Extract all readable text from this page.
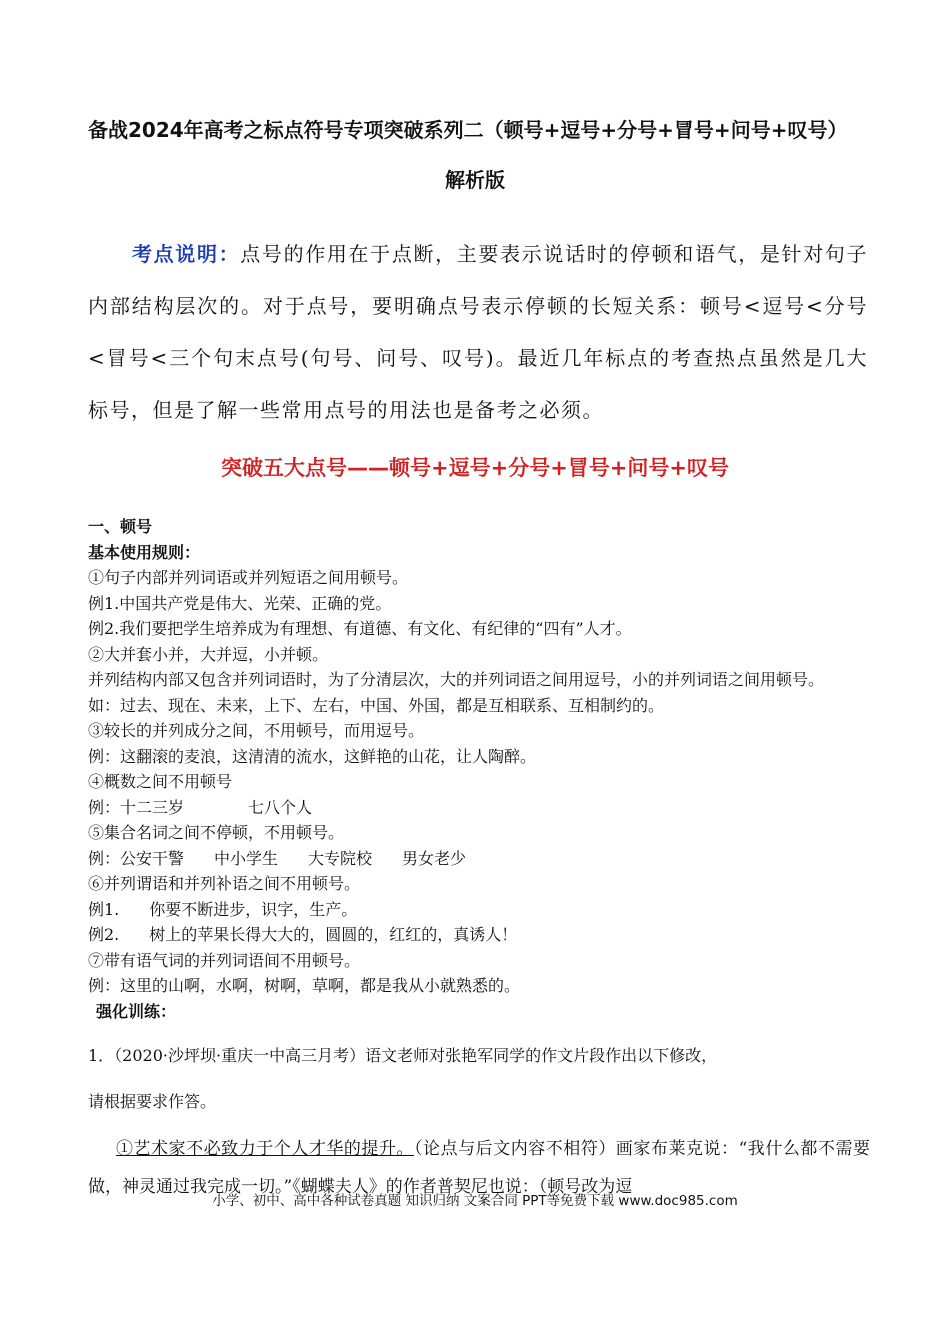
备战2024年高考之标点符号专项突破系列二（顿号+逗号+分号+冒号+问号+叹号）
解析版
考点说明：点号的作用在于点断，主要表示说话时的停顿和语气，是针对句子内部结构层次的。对于点号，要明确点号表示停顿的长短关系：顿号<逗号<分号<冒号<三个句末点号(句号、问号、叹号)。最近几年标点的考查热点虽然是几大标号，但是了解一些常用点号的用法也是备考之必须。
突破五大点号——顿号+逗号+分号+冒号+问号+叹号
一、顿号
基本使用规则：
①句子内部并列词语或并列短语之间用顿号。
例1.中国共产党是伟大、光荣、正确的党。
例2.我们要把学生培养成为有理想、有道德、有文化、有纪律的“四有”人才。
②大并套小并，大并逗，小并顿。
并列结构内部又包含并列词语时，为了分清层次，大的并列词语之间用逗号，小的并列词语之间用顿号。
如：过去、现在、未来，上下、左右，中国、外国，都是互相联系、互相制约的。
③较长的并列成分之间，不用顿号，而用逗号。
例：这翻滚的麦浪，这清清的流水，这鲜艳的山花，让人陶醉。
④概数之间不用顿号
例：十二三岁	七八个人
⑤集合名词之间不停顿，不用顿号。
例：公安干警 中小学生 大专院校 男女老少
⑥并列谓语和并列补语之间不用顿号。
例1. 你要不断进步，识字，生产。
例2. 树上的苹果长得大大的，圆圆的，红红的，真诱人！
⑦带有语气词的并列词语间不用顿号。
例：这里的山啊，水啊，树啊，草啊，都是我从小就熟悉的。
强化训练：
1．（2020·沙坪坝·重庆一中高三月考）语文老师对张艳军同学的作文片段作出以下修改，
请根据要求作答。
①艺术家不必致力于个人才华的提升。（论点与后文内容不相符）画家布莱克说：“我什么都不需要做，神灵通过我完成一切。”《蝴蝶夫人》的作者普契尼也说：（顿号改为逗
小学、初中、高中各种试卷真题 知识归纳 文案合同 PPT等免费下载 www.doc985.com
